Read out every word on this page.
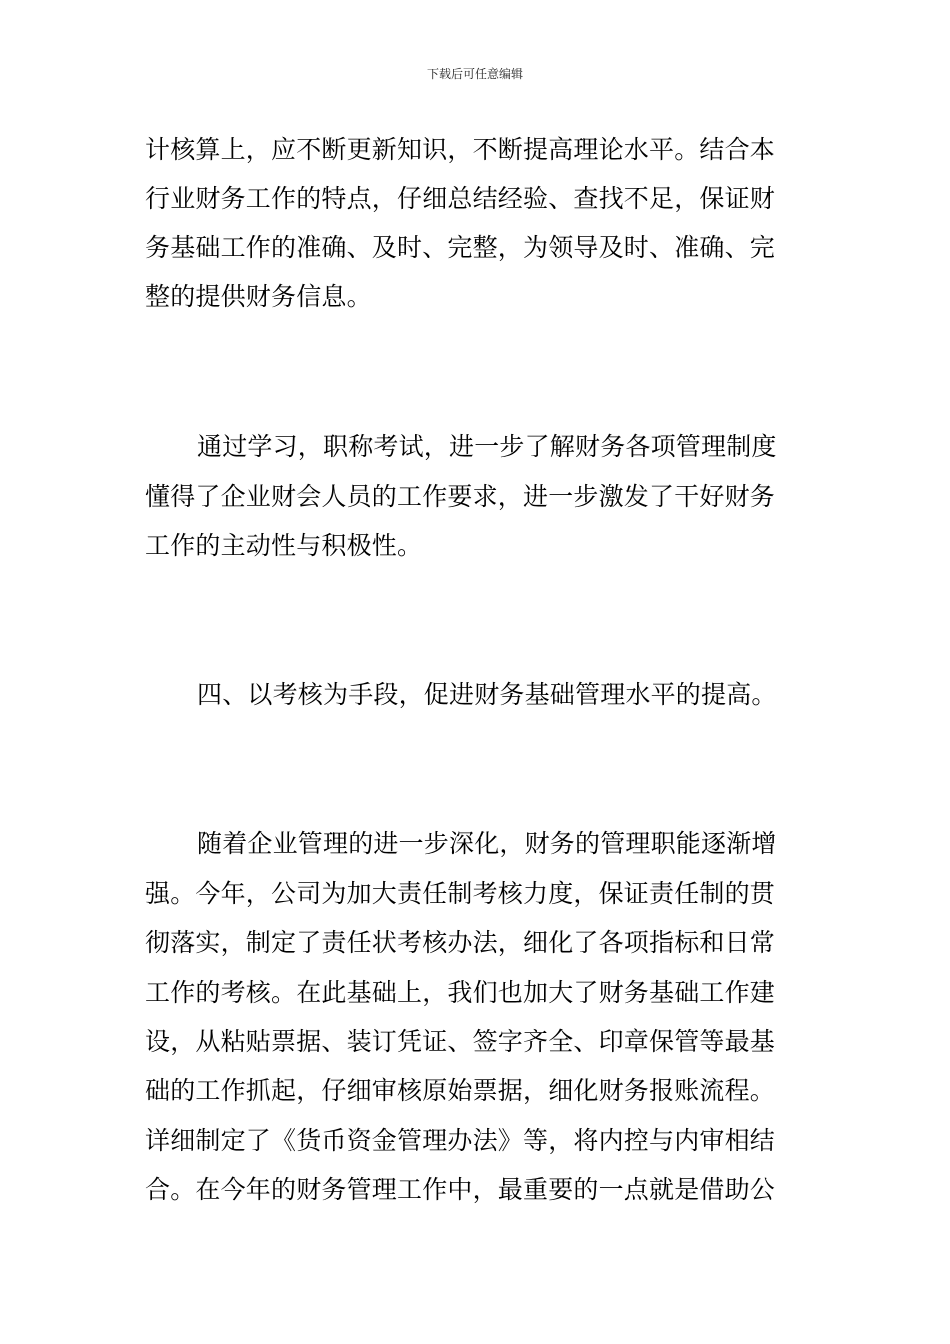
下载后可任意编辑
计核算上，应不断更新知识，不断提高理论水平。结合本
行业财务工作的特点，仔细总结经验、查找不足，保证财
务基础工作的准确、及时、完整，为领导及时、准确、完
整的提供财务信息。
通过学习，职称考试，进一步了解财务各项管理制度
懂得了企业财会人员的工作要求，进一步激发了干好财务
工作的主动性与积极性。
四、以考核为手段，促进财务基础管理水平的提高。
随着企业管理的进一步深化，财务的管理职能逐渐增
强。今年，公司为加大责任制考核力度，保证责任制的贯
彻落实，制定了责任状考核办法，细化了各项指标和日常
工作的考核。在此基础上，我们也加大了财务基础工作建
设，从粘贴票据、装订凭证、签字齐全、印章保管等最基
础的工作抓起，仔细审核原始票据，细化财务报账流程。
详细制定了《货币资金管理办法》等，将内控与内审相结
合。在今年的财务管理工作中，最重要的一点就是借助公
